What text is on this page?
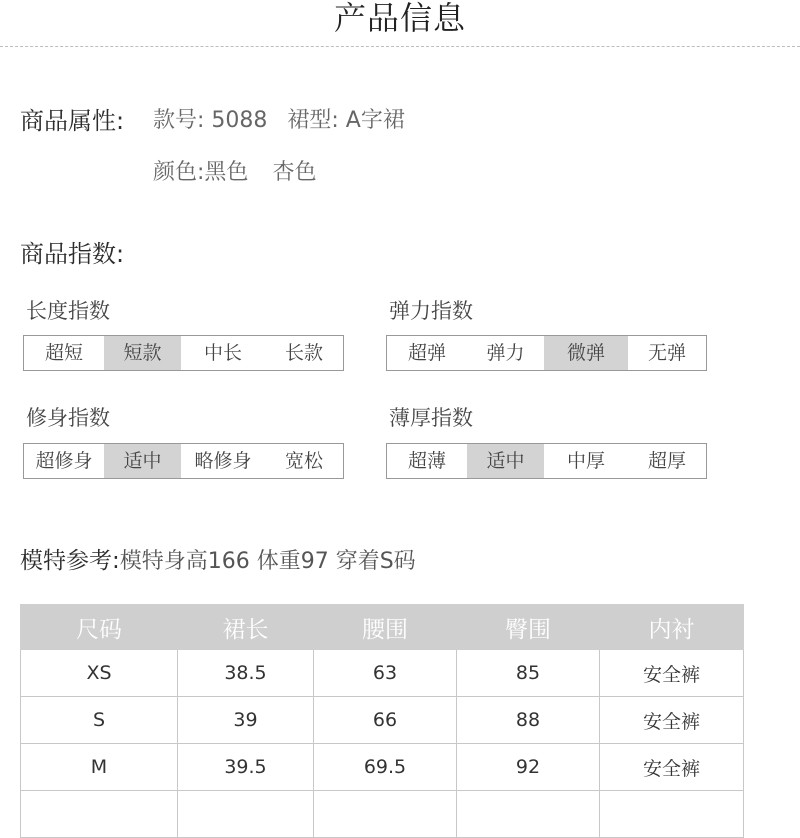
产品信息
商品属性: 款号: 5088 裙型: A字裙
颜色:黑色 杏色
商品指数:
长度指数
超短	短款	中长	长款
弹力指数
超弹	弹力	微弹	无弹
修身指数
超修身	适中	略修身	宽松
薄厚指数
超薄	适中	中厚	超厚
模特参考:模特身高166 体重97 穿着S码
尺码	裙长	腰围	臀围	内衬
XS	38.5	63	85	安全裤
S	39	66	88	安全裤
M	39.5	69.5	92	安全裤
